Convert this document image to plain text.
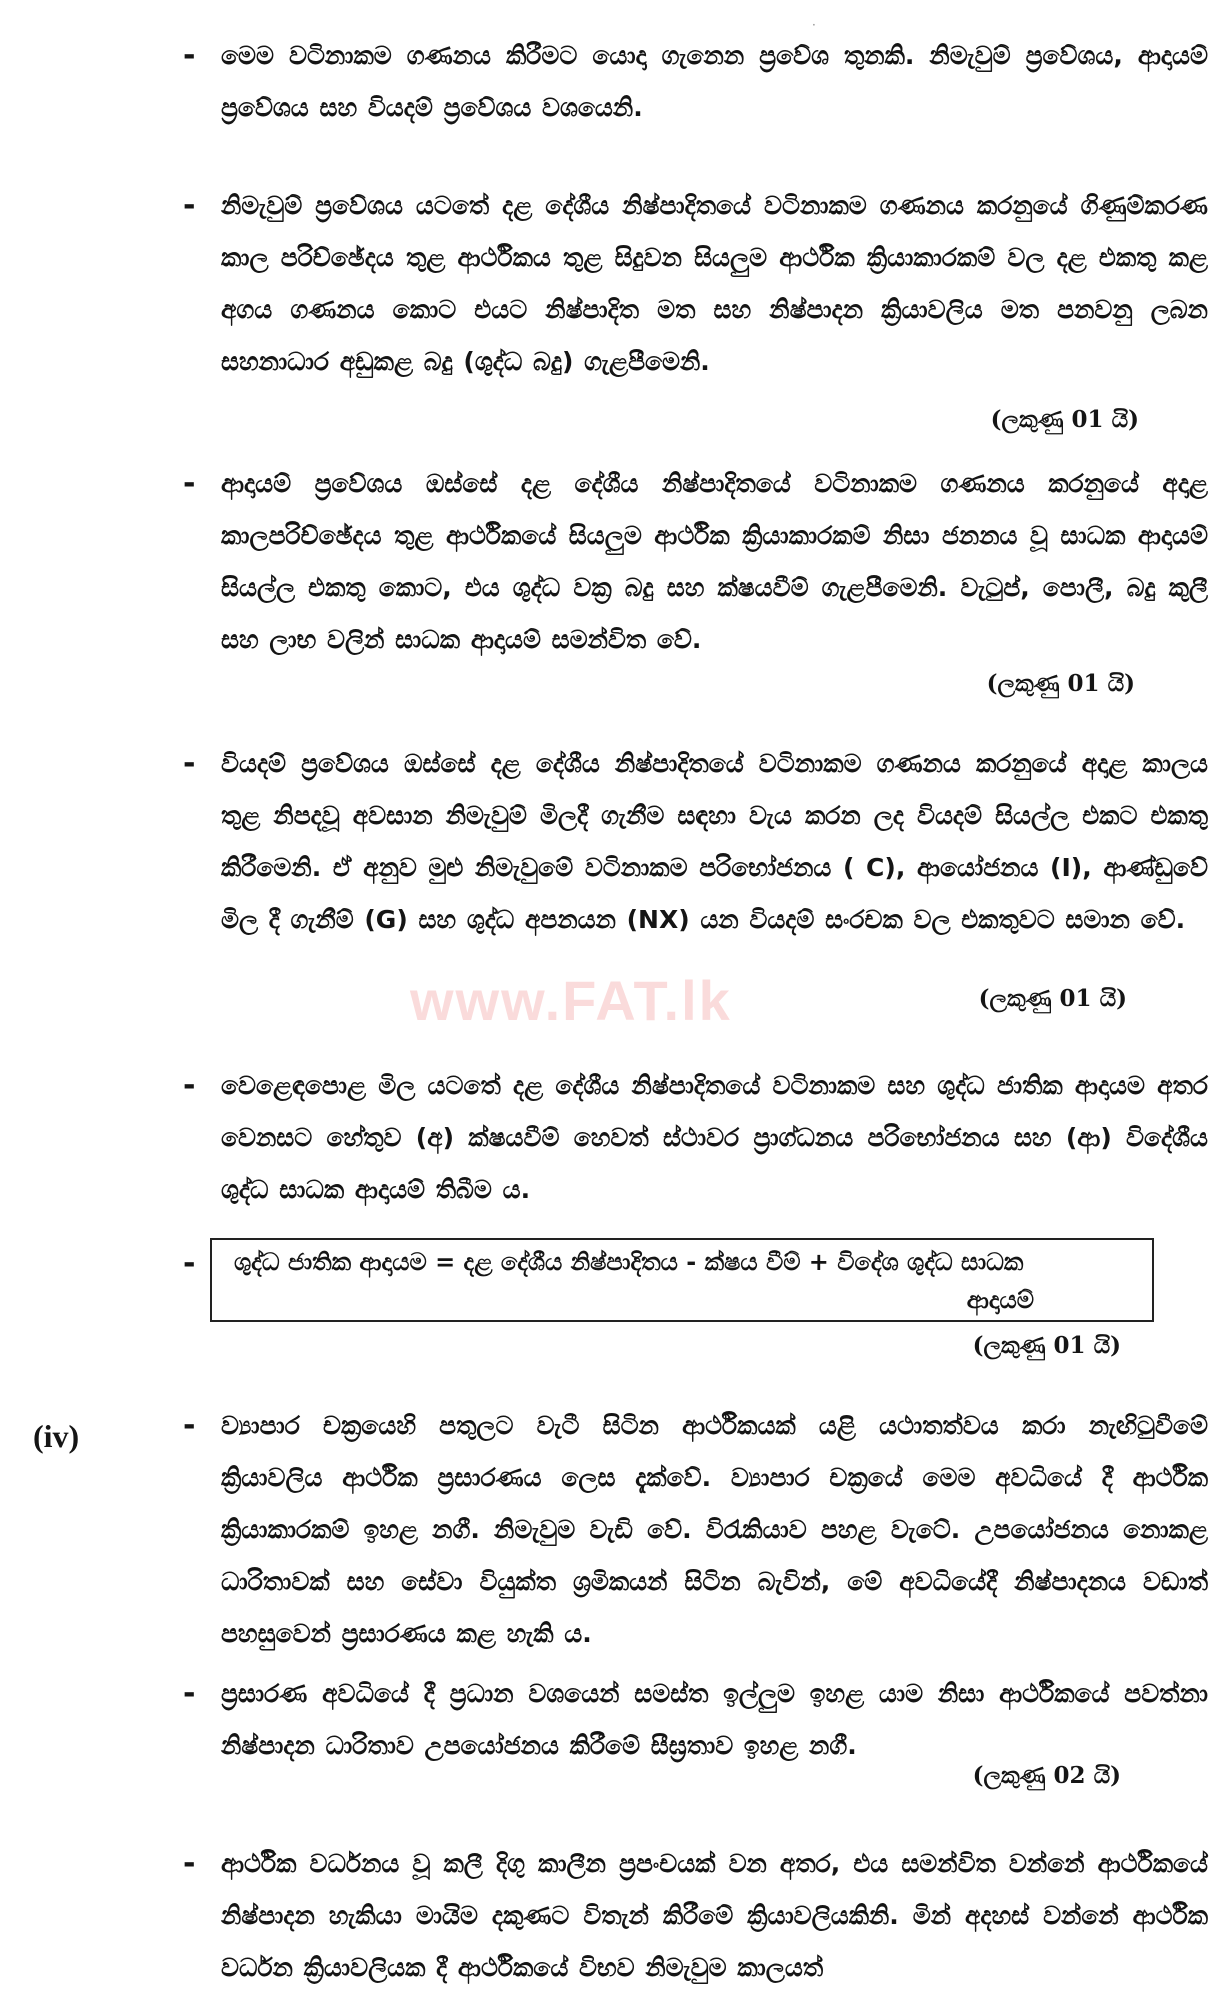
·
- මෙම වටිනාකම ගණනය කිරීමට යොදා ගැනෙන ප්‍රවේශ තුනකි. නිමැවුම් ප්‍රවේශය, ආදායම් ප්‍රවේශය සහ වියදම් ප්‍රවේශය වශයෙනි.
- නිමැවුම් ප්‍රවේශය යටතේ දළ දේශීය නිෂ්පාදිතයේ වටිනාකම ගණනය කරනුයේ ගිණුම්කරණ කාල පරිච්ඡේදය තුළ ආර්ථිකය තුළ සිදුවන සියලුම ආර්ථික ක්‍රියාකාරකම් වල දළ එකතු කළ අගය ගණනය කොට එයට නිෂ්පාදිත මත සහ නිෂ්පාදන ක්‍රියාවලිය මත පනවනු ලබන සහනාධාර අඩුකළ බදු (ශුද්ධ බදු) ගැළපීමෙනි.
(ලකුණු 01 යි)
- ආදායම් ප්‍රවේශය ඔස්සේ දළ දේශීය නිෂ්පාදිතයේ වටිනාකම ගණනය කරනුයේ අදාළ කාලපරිච්ඡේදය තුළ ආර්ථිකයේ සියලුම ආර්ථික ක්‍රියාකාරකම් නිසා ජනනය වූ සාධක ආදායම් සියල්ල එකතු කොට, එය ශුද්ධ වක්‍ර බදු සහ ක්ෂයවීම් ගැළපීමෙනි. වැටුප්, පොලී, බදු කුලී සහ ලාභ වලින් සාධක ආදායම් සමන්විත වේ.
(ලකුණු 01 යි)
- වියදම් ප්‍රවේශය ඔස්සේ දළ දේශීය නිෂ්පාදිතයේ වටිනාකම ගණනය කරනුයේ අදාළ කාලය තුළ නිපදවූ අවසාන නිමැවුම් මිලදී ගැනීම සඳහා වැය කරන ලද වියදම් සියල්ල එකට එකතු කිරීමෙනි. ඒ අනුව මුළු නිමැවුමේ වටිනාකම පරිභෝජනය ( C), ආයෝජනය (I), ආණ්ඩුවේ මිල දී ගැනීම් (G) සහ ශුද්ධ අපනයන (NX) යන වියදම් සංරචක වල එකතුවට සමාන වේ.
(ලකුණු 01 යි)
www.FAT.lk
- වෙළෙඳපොළ මිල යටතේ දළ දේශීය නිෂ්පාදිතයේ වටිනාකම සහ ශුද්ධ ජාතික ආදායම අතර වෙනසට හේතුව (අ) ක්ෂයවීම් හෙවත් ස්ථාවර ප්‍රාග්ධනය පරිභෝජනය සහ (ආ) විදේශීය ශුද්ධ සාධක ආදායම් තිබීම ය.
- ශුද්ධ ජාතික ආදායම = දළ දේශීය නිෂ්පාදිතය - ක්ෂය වීම් + විදේශ ශුද්ධ සාධක
ආදායම්
(ලකුණු 01 යි)
(iv)	- ව්‍යාපාර චක්‍රයෙහි පතුලට වැටී සිටින ආර්ථිකයක් යළි යථාතත්වය කරා නැඟිටුවීමේ ක්‍රියාවලිය ආර්ථික ප්‍රසාරණය ලෙස දැක්වේ. ව්‍යාපාර චක්‍රයේ මෙම අවධියේ දී ආර්ථික ක්‍රියාකාරකම් ඉහළ නගී. නිමැවුම වැඩි වේ. විරැකියාව පහළ වැටේ. උපයෝජනය නොකළ ධාරිතාවක් සහ සේවා වියුක්ත ශ්‍රමිකයන් සිටින බැවින්, මේ අවධියේදී නිෂ්පාදනය වඩාත් පහසුවෙන් ප්‍රසාරණය කළ හැකි ය.
- ප්‍රසාරණ අවධියේ දී ප්‍රධාන වශයෙන් සමස්ත ඉල්ලුම ඉහළ යාම නිසා ආර්ථිකයේ පවත්නා නිෂ්පාදන ධාරිතාව උපයෝජනය කිරීමේ සීඝ්‍රතාව ඉහළ නගී.
(ලකුණු 02 යි)
- ආර්ථික වර්ධනය වූ කලී දිගු කාලීන ප්‍රපංචයක් වන අතර, එය සමන්විත වන්නේ ආර්ථිකයේ නිෂ්පාදන හැකියා මායිම දකුණට විතැන් කිරීමේ ක්‍රියාවලියකිනි. මින් අදහස් වන්නේ ආර්ථික වර්ධන ක්‍රියාවලියක දී ආර්ථිකයේ විභව නිමැවුම කාලයත්
